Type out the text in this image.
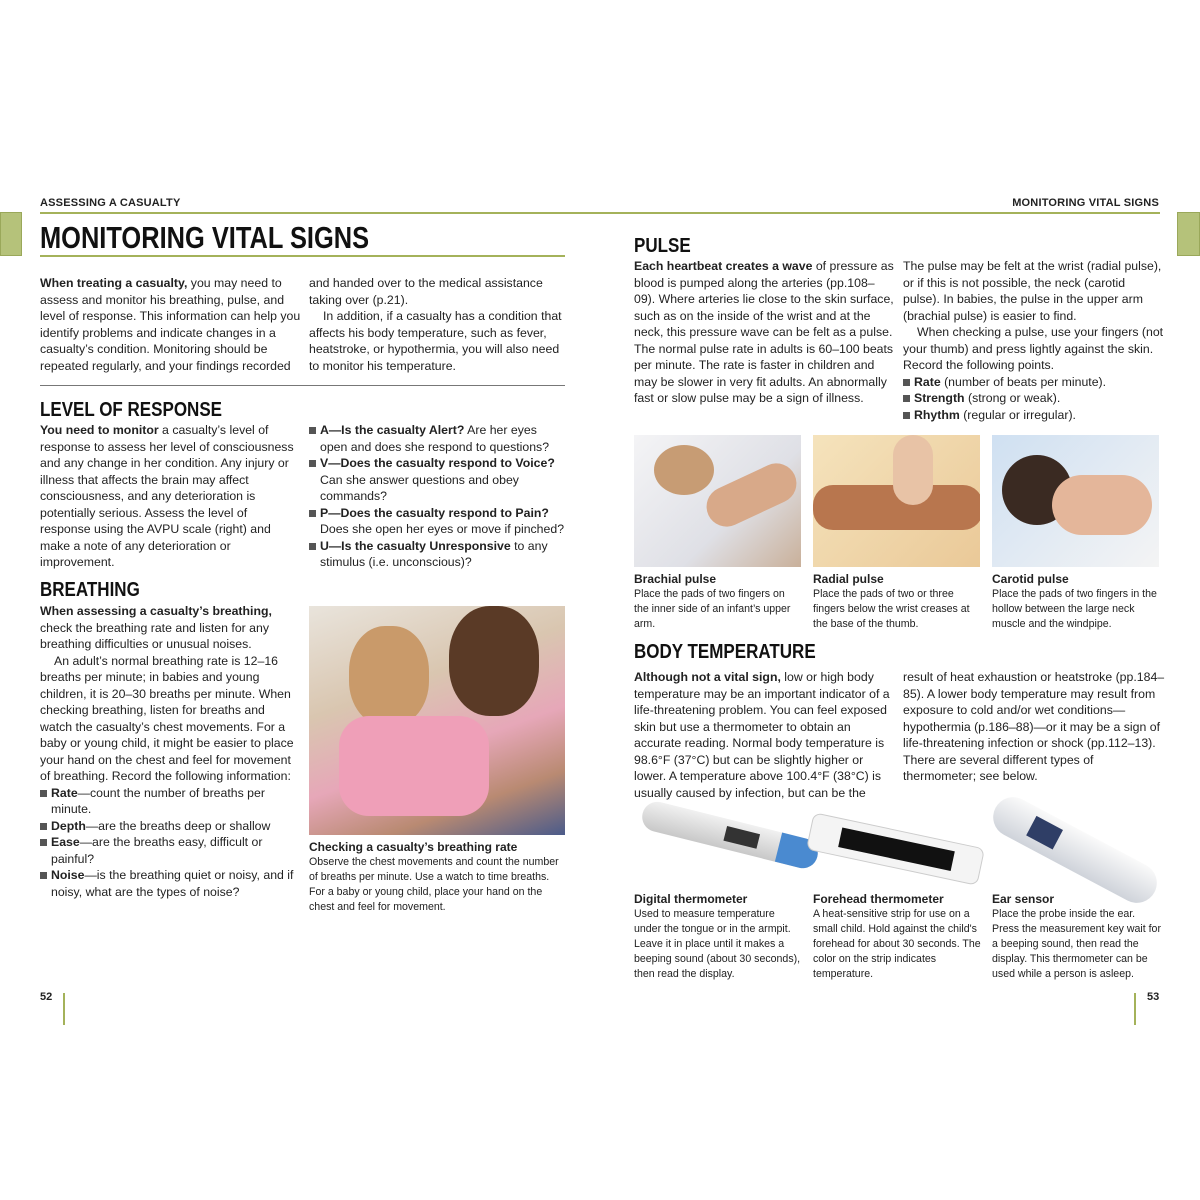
ASSESSING A CASUALTY	MONITORING VITAL SIGNS
MONITORING VITAL SIGNS
When treating a casualty, you may need to assess and monitor his breathing, pulse, and level of response. This information can help you identify problems and indicate changes in a casualty’s condition. Monitoring should be repeated regularly, and your findings recorded

and handed over to the medical assistance taking over (p.21).

In addition, if a casualty has a condition that affects his body temperature, such as fever, heatstroke, or hypothermia, you will also need to monitor his temperature.

LEVEL OF RESPONSE
You need to monitor a casualty’s level of response to assess her level of consciousness and any change in her condition. Any injury or illness that affects the brain may affect consciousness, and any deterioration is potentially serious. Assess the level of response using the AVPU scale (right) and make a note of any deterioration or improvement.
A—Is the casualty Alert? Are her eyes open and does she respond to questions?
V—Does the casualty respond to Voice? Can she answer questions and obey commands?
P—Does the casualty respond to Pain? Does she open her eyes or move if pinched?
U—Is the casualty Unresponsive to any stimulus (i.e. unconscious)?
BREATHING

When assessing a casualty’s breathing, check the breathing rate and listen for any breathing difficulties or unusual noises.

An adult’s normal breathing rate is 12–16 breaths per minute; in babies and young children, it is 20–30 breaths per minute. When checking breathing, listen for breaths and watch the casualty’s chest movements. For a baby or young child, it might be easier to place your hand on the chest and feel for movement of breathing. Record the following information:

Rate—count the number of breaths per minute.
Depth—are the breaths deep or shallow
Ease—are the breaths easy, difficult or painful?
Noise—is the breathing quiet or noisy, and if noisy, what are the types of noise?
Checking a casualty’s breathing rate
Observe the chest movements and count the number of breaths per minute. Use a watch to time breaths. For a baby or young child, place your hand on the chest and feel for movement.
52
PULSE
Each heartbeat creates a wave of pressure as blood is pumped along the arteries (pp.108–09). Where arteries lie close to the skin surface, such as on the inside of the wrist and at the neck, this pressure wave can be felt as a pulse. The normal pulse rate in adults is 60–100 beats per minute. The rate is faster in children and may be slower in very fit adults. An abnormally fast or slow pulse may be a sign of illness.

The pulse may be felt at the wrist (radial pulse), or if this is not possible, the neck (carotid pulse). In babies, the pulse in the upper arm (brachial pulse) is easier to find.

When checking a pulse, use your fingers (not your thumb) and press lightly against the skin. Record the following points.

Rate (number of beats per minute).
Strength (strong or weak).
Rhythm (regular or irregular).
Brachial pulse
Place the pads of two fingers on the inner side of an infant’s upper arm.
Radial pulse
Place the pads of two or three fingers below the wrist creases at the base of the thumb.
Carotid pulse
Place the pads of two fingers in the hollow between the large neck muscle and the windpipe.
BODY TEMPERATURE
Although not a vital sign, low or high body temperature may be an important indicator of a life-threatening problem. You can feel exposed skin but use a thermometer to obtain an accurate reading. Normal body temperature is 98.6°F (37°C) but can be slightly higher or lower. A temperature above 100.4°F (38°C) is usually caused by infection, but can be the
result of heat exhaustion or heatstroke (pp.184–85). A lower body temperature may result from exposure to cold and/or wet conditions—hypothermia (p.186–88)—or it may be a sign of life-threatening infection or shock (pp.112–13). There are several different types of thermometer; see below.
Digital thermometer
Used to measure temperature under the tongue or in the armpit. Leave it in place until it makes a beeping sound (about 30 seconds), then read the display.
Forehead thermometer
A heat-sensitive strip for use on a small child. Hold against the child's forehead for about 30 seconds. The color on the strip indicates temperature.
Ear sensor
Place the probe inside the ear. Press the measurement key wait for a beeping sound, then read the display. This thermometer can be used while a person is asleep.
53
